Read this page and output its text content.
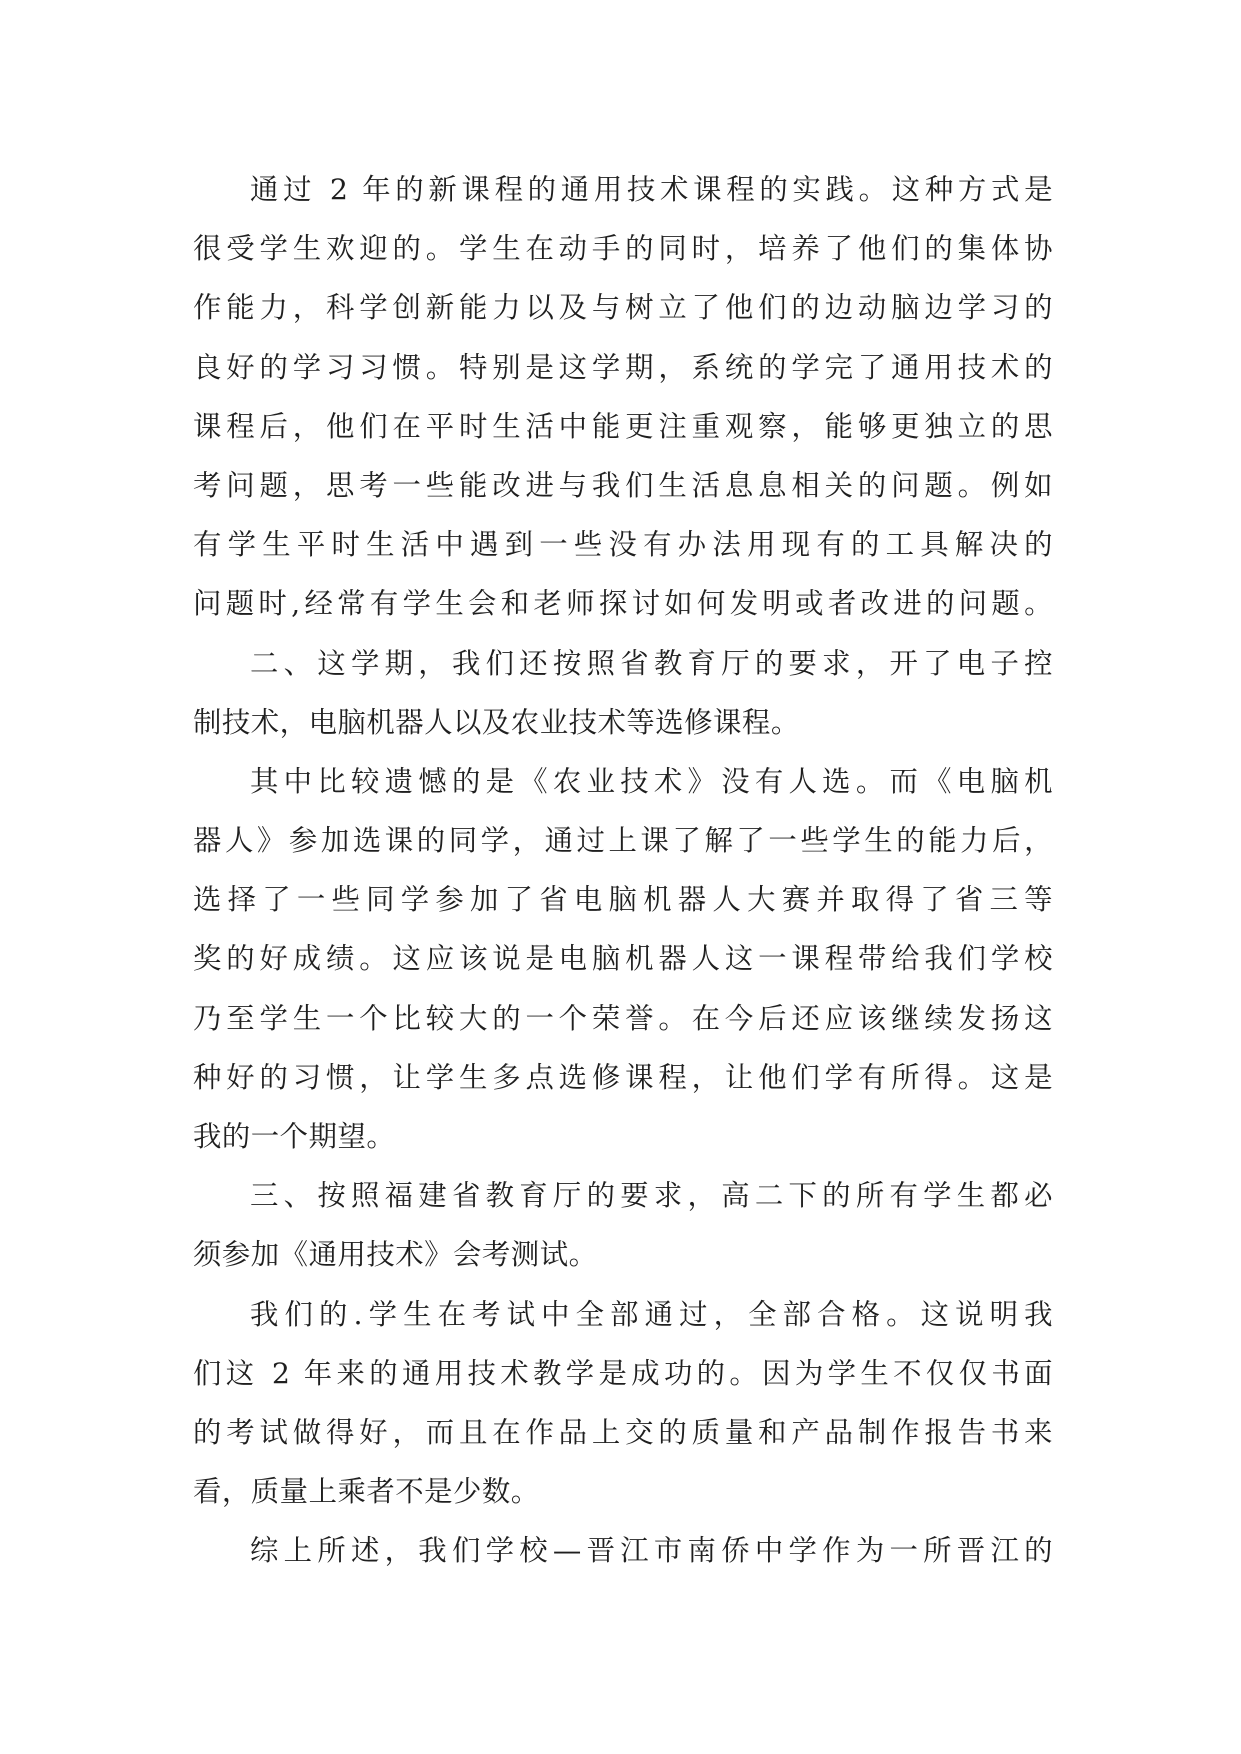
通过 2 年的新课程的通用技术课程的实践。这种方式是
很受学生欢迎的。学生在动手的同时，培养了他们的集体协
作能力，科学创新能力以及与树立了他们的边动脑边学习的
良好的学习习惯。特别是这学期，系统的学完了通用技术的
课程后，他们在平时生活中能更注重观察，能够更独立的思
考问题，思考一些能改进与我们生活息息相关的问题。例如
有学生平时生活中遇到一些没有办法用现有的工具解决的
问题时,经常有学生会和老师探讨如何发明或者改进的问题。
二、这学期，我们还按照省教育厅的要求，开了电子控
制技术，电脑机器人以及农业技术等选修课程。
其中比较遗憾的是《农业技术》没有人选。而《电脑机
器人》参加选课的同学，通过上课了解了一些学生的能力后，
选择了一些同学参加了省电脑机器人大赛并取得了省三等
奖的好成绩。这应该说是电脑机器人这一课程带给我们学校
乃至学生一个比较大的一个荣誉。在今后还应该继续发扬这
种好的习惯，让学生多点选修课程，让他们学有所得。这是
我的一个期望。
三、按照福建省教育厅的要求，高二下的所有学生都必
须参加《通用技术》会考测试。
我们的.学生在考试中全部通过，全部合格。这说明我
们这 2 年来的通用技术教学是成功的。因为学生不仅仅书面
的考试做得好，而且在作品上交的质量和产品制作报告书来
看，质量上乘者不是少数。
综上所述，我们学校—晋江市南侨中学作为一所晋江的
